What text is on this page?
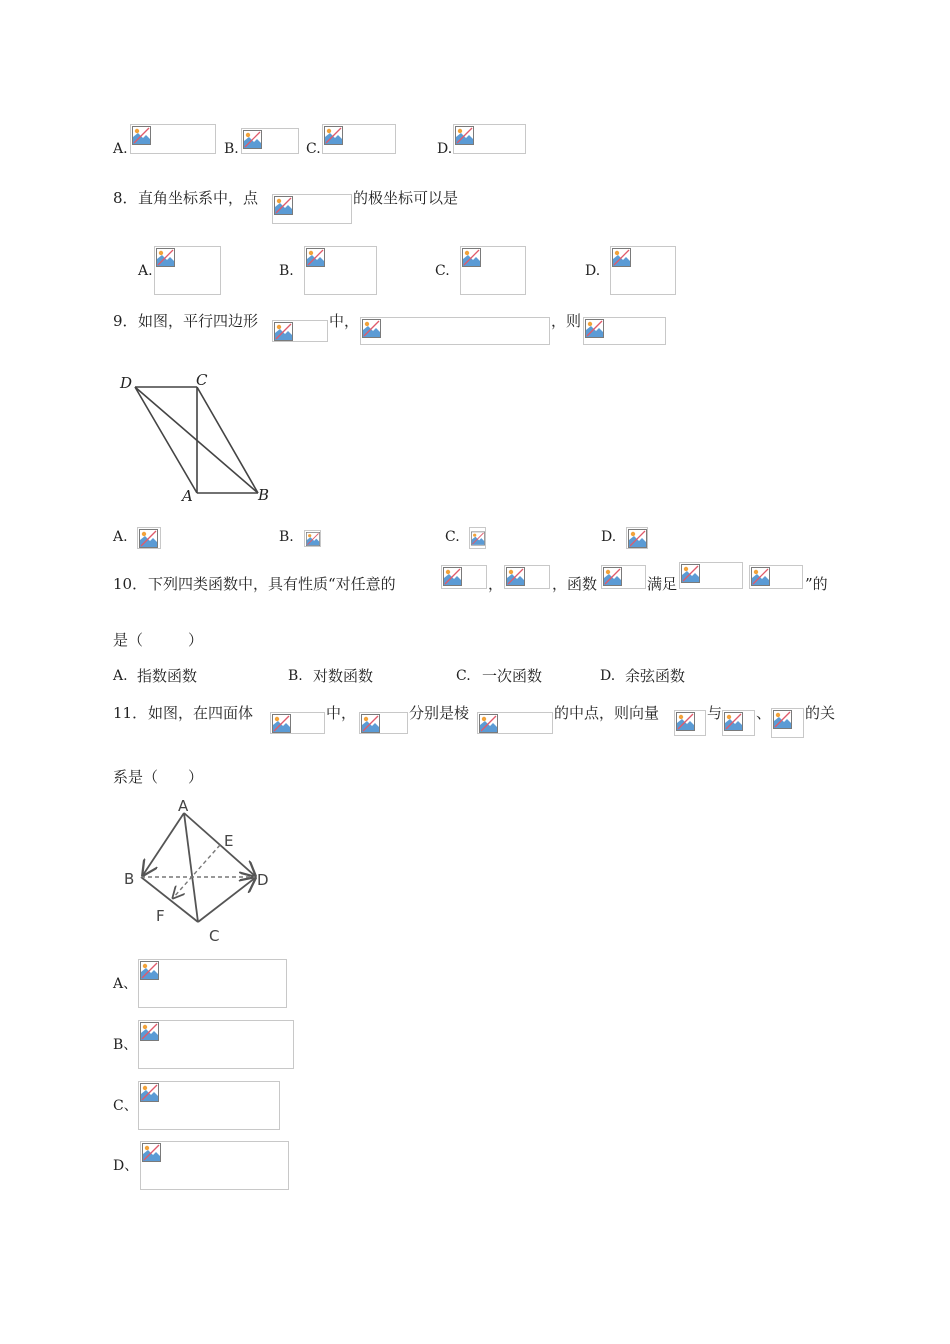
A.	B.	C.	D.
8． 直角坐标系中，点	的极坐标可以是
A.	B.	C.	D.
9． 如图，平行四边形	中，	，则
D	C
A	B
A.	B.	C.	D.
10． 下列四类函数中，具有性质“对任意的	，	，函数	满足	”的
是（　　　）
A. 指数函数	B. 对数函数	C. 一次函数	D. 余弦函数
11． 如图，在四面体	中，	分别是棱	的中点，则向量	与 、 的关
系是（　　）
A
E
B	D
F
C
A、
B、
C、
D、
